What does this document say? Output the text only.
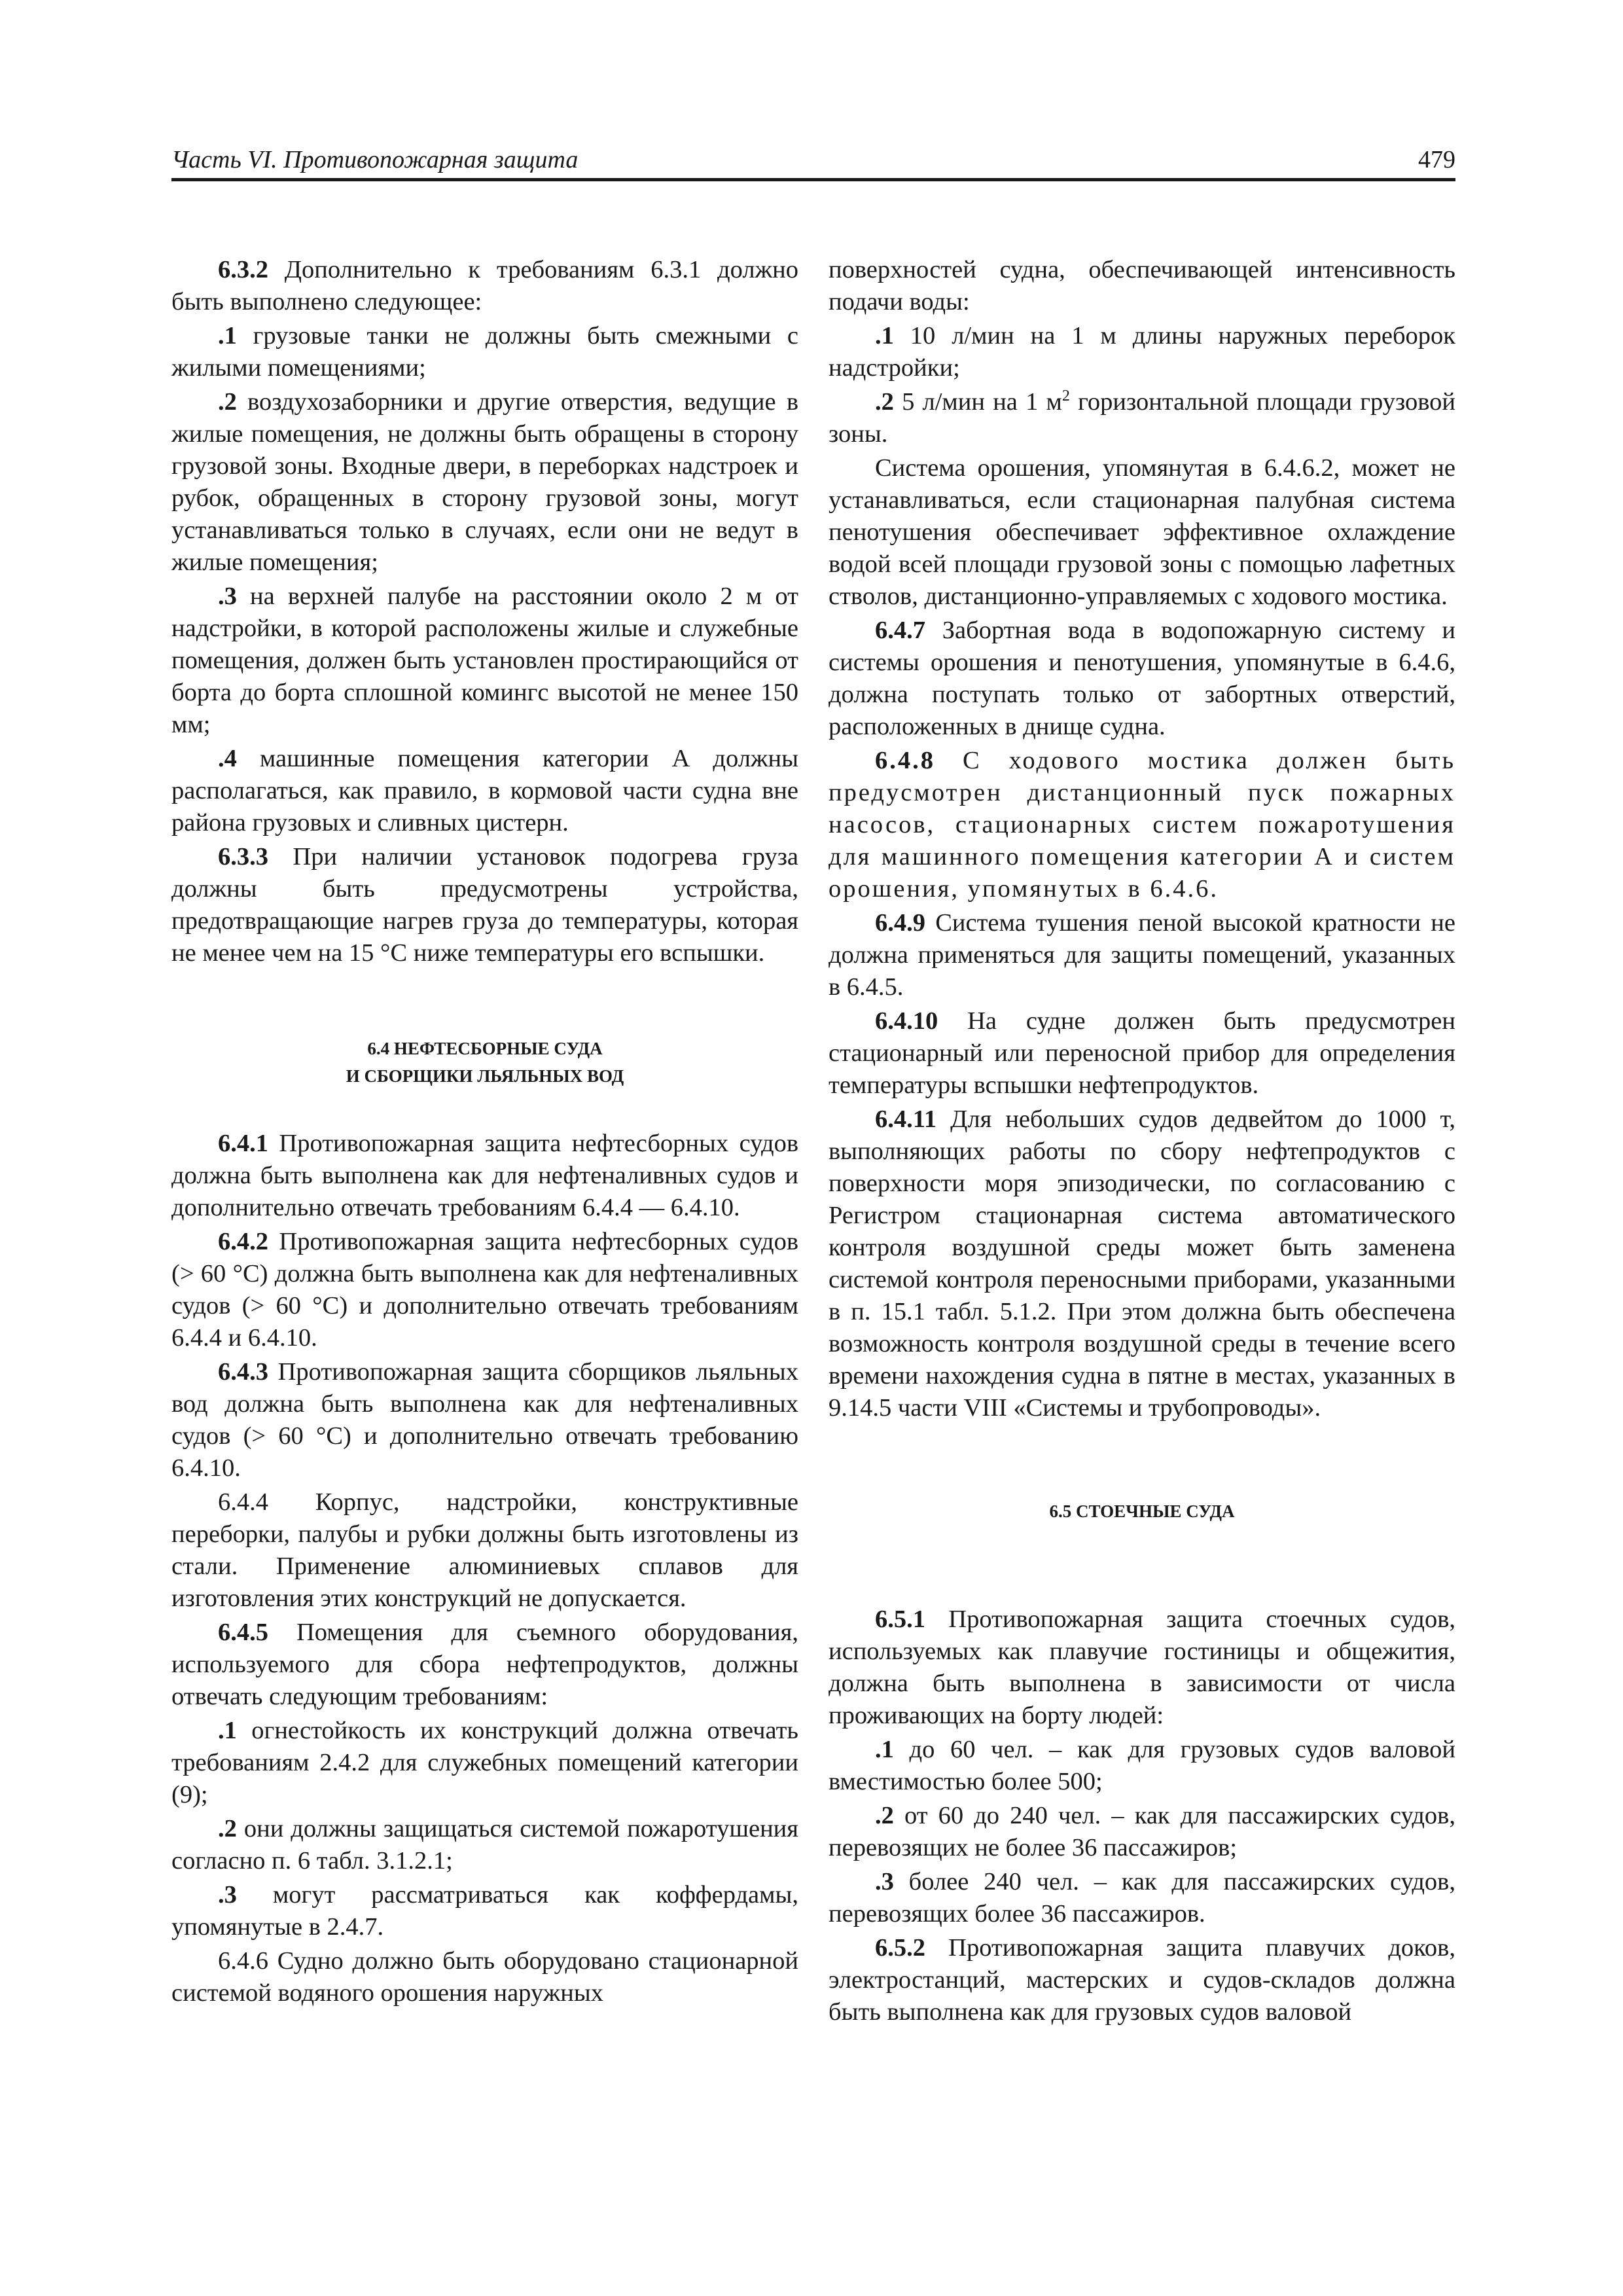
Часть VI. Противопожарная защита	479

6.3.2 Дополнительно к требованиям 6.3.1 должно быть выполнено следующее:

.1 грузовые танки не должны быть смежными с жилыми помещениями;

.2 воздухозаборники и другие отверстия, ведущие в жилые помещения, не должны быть обращены в сторону грузовой зоны. Входные двери, в переборках надстроек и рубок, обращенных в сторону грузовой зоны, могут устанавливаться только в случаях, если они не ведут в жилые помещения;

.3 на верхней палубе на расстоянии около 2 м от надстройки, в которой расположены жилые и служебные помещения, должен быть установлен простирающийся от борта до борта сплошной комингс высотой не менее 150 мм;

.4 машинные помещения категории А должны располагаться, как правило, в кормовой части судна вне района грузовых и сливных цистерн.

6.3.3 При наличии установок подогрева груза должны быть предусмотрены устройства, предотвращающие нагрев груза до температуры, которая не менее чем на 15 °С ниже температуры его вспышки.

6.4 НЕФТЕСБОРНЫЕ СУДА
И СБОРЩИКИ ЛЬЯЛЬНЫХ ВОД

6.4.1 Противопожарная защита нефтесборных судов должна быть выполнена как для нефтеналивных судов и дополнительно отвечать требованиям 6.4.4 — 6.4.10.

6.4.2 Противопожарная защита нефтесборных судов (> 60 °С) должна быть выполнена как для нефтеналивных судов (> 60 °С) и дополнительно отвечать требованиям 6.4.4 и 6.4.10.

6.4.3 Противопожарная защита сборщиков льяльных вод должна быть выполнена как для нефтеналивных судов (> 60 °С) и дополнительно отвечать требованию 6.4.10.

6.4.4 Корпус, надстройки, конструктивные переборки, палубы и рубки должны быть изготовлены из стали. Применение алюминиевых сплавов для изготовления этих конструкций не допускается.

6.4.5 Помещения для съемного оборудования, используемого для сбора нефтепродуктов, должны отвечать следующим требованиям:

.1 огнестойкость их конструкций должна отвечать требованиям 2.4.2 для служебных помещений категории (9);

.2 они должны защищаться системой пожаротушения согласно п. 6 табл. 3.1.2.1;

.3 могут рассматриваться как коффердамы, упомянутые в 2.4.7.

6.4.6 Судно должно быть оборудовано стационарной системой водяного орошения наружных

поверхностей судна, обеспечивающей интенсивность подачи воды:

.1 10 л/мин на 1 м длины наружных переборок надстройки;

.2 5 л/мин на 1 $м^2$ горизонтальной площади грузовой зоны.

Система орошения, упомянутая в 6.4.6.2, может не устанавливаться, если стационарная палубная система пенотушения обеспечивает эффективное охлаждение водой всей площади грузовой зоны с помощью лафетных стволов, дистанционно-управляемых с ходового мостика.

6.4.7 Забортная вода в водопожарную систему и системы орошения и пенотушения, упомянутые в 6.4.6, должна поступать только от забортных отверстий, расположенных в днище судна.

6.4.8 С ходового мостика должен быть предусмотрен дистанционный пуск пожарных насосов, стационарных систем пожаротушения для машинного помещения категории А и систем орошения, упомянутых в 6.4.6.

6.4.9 Система тушения пеной высокой кратности не должна применяться для защиты помещений, указанных в 6.4.5.

6.4.10 На судне должен быть предусмотрен стационарный или переносной прибор для определения температуры вспышки нефтепродуктов.

6.4.11 Для небольших судов дедвейтом до 1000 т, выполняющих работы по сбору нефтепродуктов с поверхности моря эпизодически, по согласованию с Регистром стационарная система автоматического контроля воздушной среды может быть заменена системой контроля переносными приборами, указанными в п. 15.1 табл. 5.1.2. При этом должна быть обеспечена возможность контроля воздушной среды в течение всего времени нахождения судна в пятне в местах, указанных в 9.14.5 части VIII «Системы и трубопроводы».

6.5 СТОЕЧНЫЕ СУДА

6.5.1 Противопожарная защита стоечных судов, используемых как плавучие гостиницы и общежития, должна быть выполнена в зависимости от числа проживающих на борту людей:

.1 до 60 чел. – как для грузовых судов валовой вместимостью более 500;

.2 от 60 до 240 чел. – как для пассажирских судов, перевозящих не более 36 пассажиров;

.3 более 240 чел. – как для пассажирских судов, перевозящих более 36 пассажиров.

6.5.2 Противопожарная защита плавучих доков, электростанций, мастерских и судов-складов должна быть выполнена как для грузовых судов валовой
